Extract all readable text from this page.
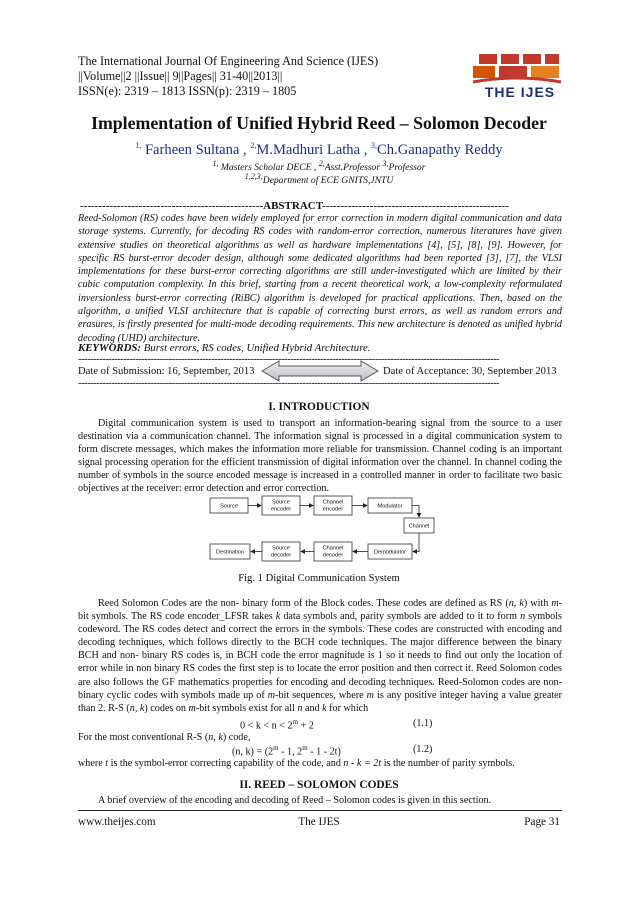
The International Journal Of Engineering And Science (IJES)
||Volume||2 ||Issue|| 9||Pages|| 31-40||2013||
ISSN(e): 2319 – 1813 ISSN(p): 2319 – 1805	THE IJES
Implementation of Unified Hybrid Reed – Solomon Decoder
$^{1,}$ Farheen Sultana , $^{2,}$M.Madhuri Latha , $^{3,}$Ch.Ganapathy Reddy
$^{1,}$ Masters Scholar DECE , $^{2,}$Asst.Professor $^{3,}$Professor
$^{1,2,3,}$Department of ECE GNITS,JNTU
--------------------------------------------------ABSTRACT---------------------------------------------------
Reed-Solomon (RS) codes have been widely employed for error correction in modern digital communication and data storage systems. Currently, for decoding RS codes with random-error correction, numerous literatures have given extensive studies on theoretical algorithms as well as hardware implementations [4], [5], [8], [9]. However, for specific RS burst-error decoder design, although some dedicated algorithms had been reported [3], [7], the VLSI implementations for these burst-error correcting algorithms are still under-investigated which are limited by their cubic computation complexity. In this brief, starting from a recent theoretical work, a low-complexity reformulated inversionless burst-error correcting (RiBC) algorithm is developed for practical applications. Then, based on the algorithm, a unified VLSI architecture that is capable of correcting burst errors, as well as random errors and erasures, is firstly presented for multi-mode decoding requirements. This new architecture is denoted as unified hybrid decoding (UHD) architecture.
KEYWORDS: Burst errors, RS codes, Unified Hybrid Architecture.
-------------------------------------------------------------------------------------------------------------------------------------------
Date of Submission: 16, September, 2013	Date of Acceptance: 30, September 2013
-------------------------------------------------------------------------------------------------------------------------------------------
I. INTRODUCTION
Digital communication system is used to transport an information-bearing signal from the source to a user destination via a communication channel. The information signal is processed in a digital communication system to form discrete messages, which makes the information more reliable for transmission. Channel coding is an important signal processing operation for the efficient transmission of digital information over the channel. In channel coding the number of symbols in the source encoded message is increased in a controlled manner in order to facilitate two basic objectives at the receiver: error detection and error correction.
Source
Source
encoder
Channel
encoder	Modulator
Channel
Destination
Source
decoder
Channel
decoder	Demodulator
Fig. 1 Digital Communication System
Reed Solomon Codes are the non- binary form of the Block codes. These codes are defined as RS (n, k) with m- bit symbols. The RS code encoder_LFSR takes k data symbols and, parity symbols are added to it to form n symbols codeword. The RS codes detect and correct the errors in the symbols. These codes are constructed with encoding and decoding techniques, which follows directly to the BCH code techniques. The major difference between the binary BCH and non- binary RS codes is, in BCH code the error magnitude is 1 so it needs to find out only the location of error while in non binary RS codes the first step is to locate the error position and then correct it. Reed Solomon codes are also follows the GF mathematics properties for encoding and decoding techniques. Reed-Solomon codes are non-binary cyclic codes with symbols made up of m-bit sequences, where m is any positive integer having a value greater than 2. R-S (n, k) codes on m-bit symbols exist for all n and k for which
$0 < k < n < 2^m + 2$	(1.1)
For the most conventional R-S (n, k) code,
(n, $k) = (2^m - 1$, 2$^m$ - 1 - 2t)	(1.2)
where t is the symbol-error correcting capability of the code, and n - k = 2t is the number of parity symbols.
II. REED – SOLOMON CODES
A brief overview of the encoding and decoding of Reed – Solomon codes is given in this section.
www.theijes.com	The IJES	Page 31
